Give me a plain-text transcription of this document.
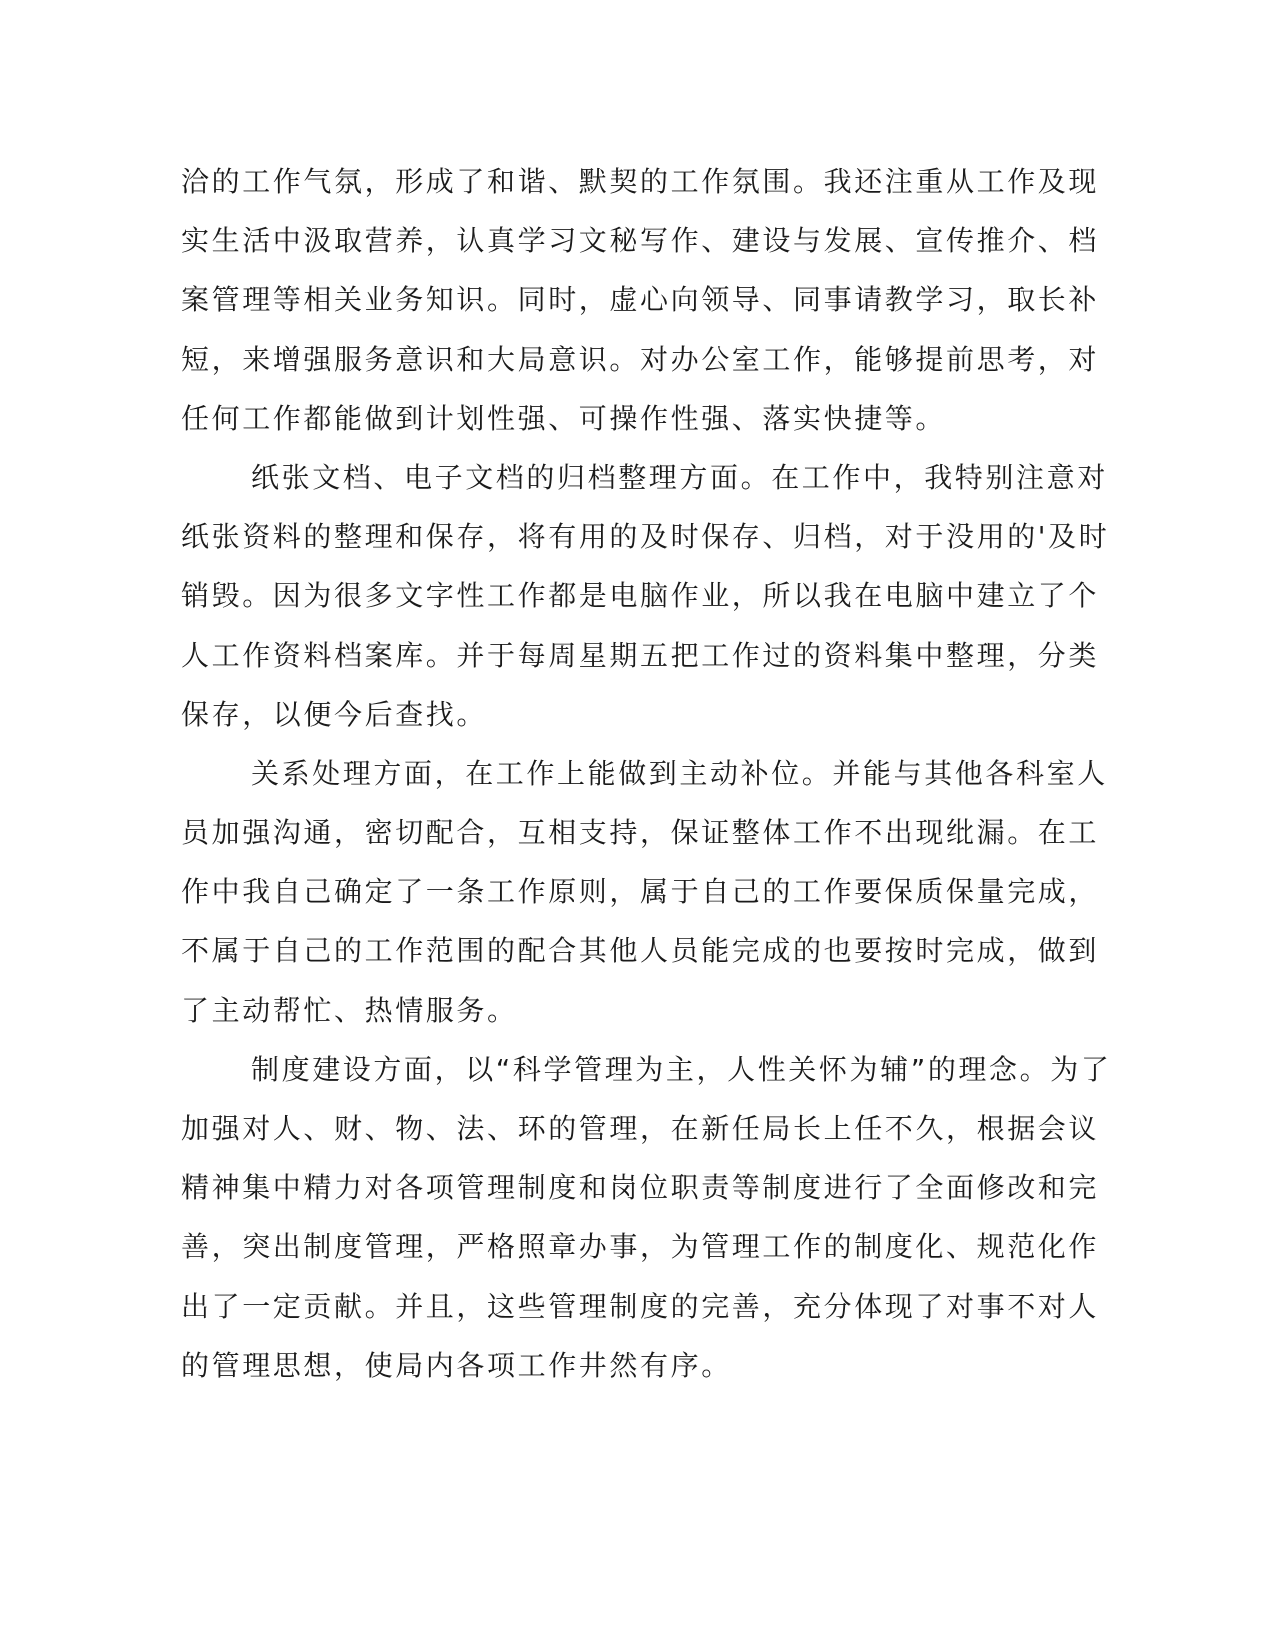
洽的工作气氛，形成了和谐、默契的工作氛围。我还注重从工作及现
实生活中汲取营养，认真学习文秘写作、建设与发展、宣传推介、档
案管理等相关业务知识。同时，虚心向领导、同事请教学习，取长补
短，来增强服务意识和大局意识。对办公室工作，能够提前思考，对
任何工作都能做到计划性强、可操作性强、落实快捷等。
纸张文档、电子文档的归档整理方面。在工作中，我特别注意对
纸张资料的整理和保存，将有用的及时保存、归档，对于没用的'及时
销毁。因为很多文字性工作都是电脑作业，所以我在电脑中建立了个
人工作资料档案库。并于每周星期五把工作过的资料集中整理，分类
保存，以便今后查找。
关系处理方面，在工作上能做到主动补位。并能与其他各科室人
员加强沟通，密切配合，互相支持，保证整体工作不出现纰漏。在工
作中我自己确定了一条工作原则，属于自己的工作要保质保量完成，
不属于自己的工作范围的配合其他人员能完成的也要按时完成，做到
了主动帮忙、热情服务。
制度建设方面，以“科学管理为主，人性关怀为辅”的理念。为了
加强对人、财、物、法、环的管理，在新任局长上任不久，根据会议
精神集中精力对各项管理制度和岗位职责等制度进行了全面修改和完
善，突出制度管理，严格照章办事，为管理工作的制度化、规范化作
出了一定贡献。并且，这些管理制度的完善，充分体现了对事不对人
的管理思想，使局内各项工作井然有序。
